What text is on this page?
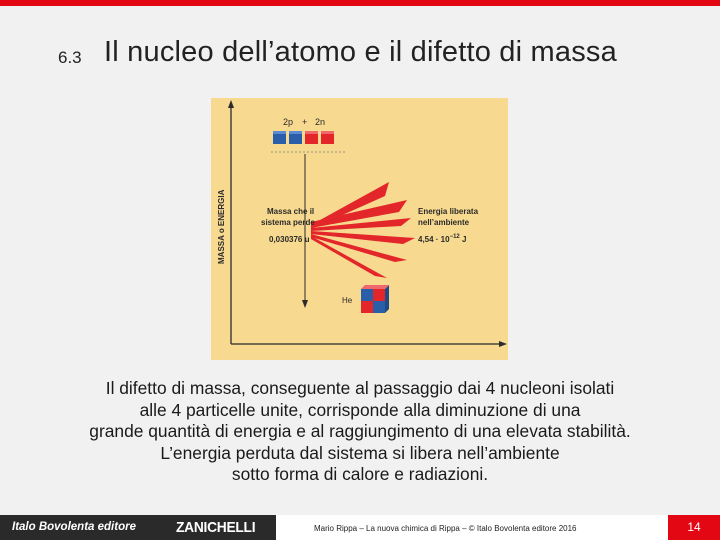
6.3 Il nucleo dell’atomo e il difetto di massa
MASSA o ENERGIA
2p + 2n
Massa che il
sistema perde
0,030376 u
Energia liberata
nell’ambiente
$4,54 \cdot 10^{-12}$ J
He
Il difetto di massa, conseguente al passaggio dai 4 nucleoni isolati
alle 4 particelle unite, corrisponde alla diminuzione di una
grande quantità di energia e al raggiungimento di una elevata stabilità.
L’energia perduta dal sistema si libera nell’ambiente
sotto forma di calore e radiazioni.
Italo Bovolenta editore	ZANICHELLI	Mario Rippa – La nuova chimica di Rippa – © Italo Bovolenta editore 2016	14
